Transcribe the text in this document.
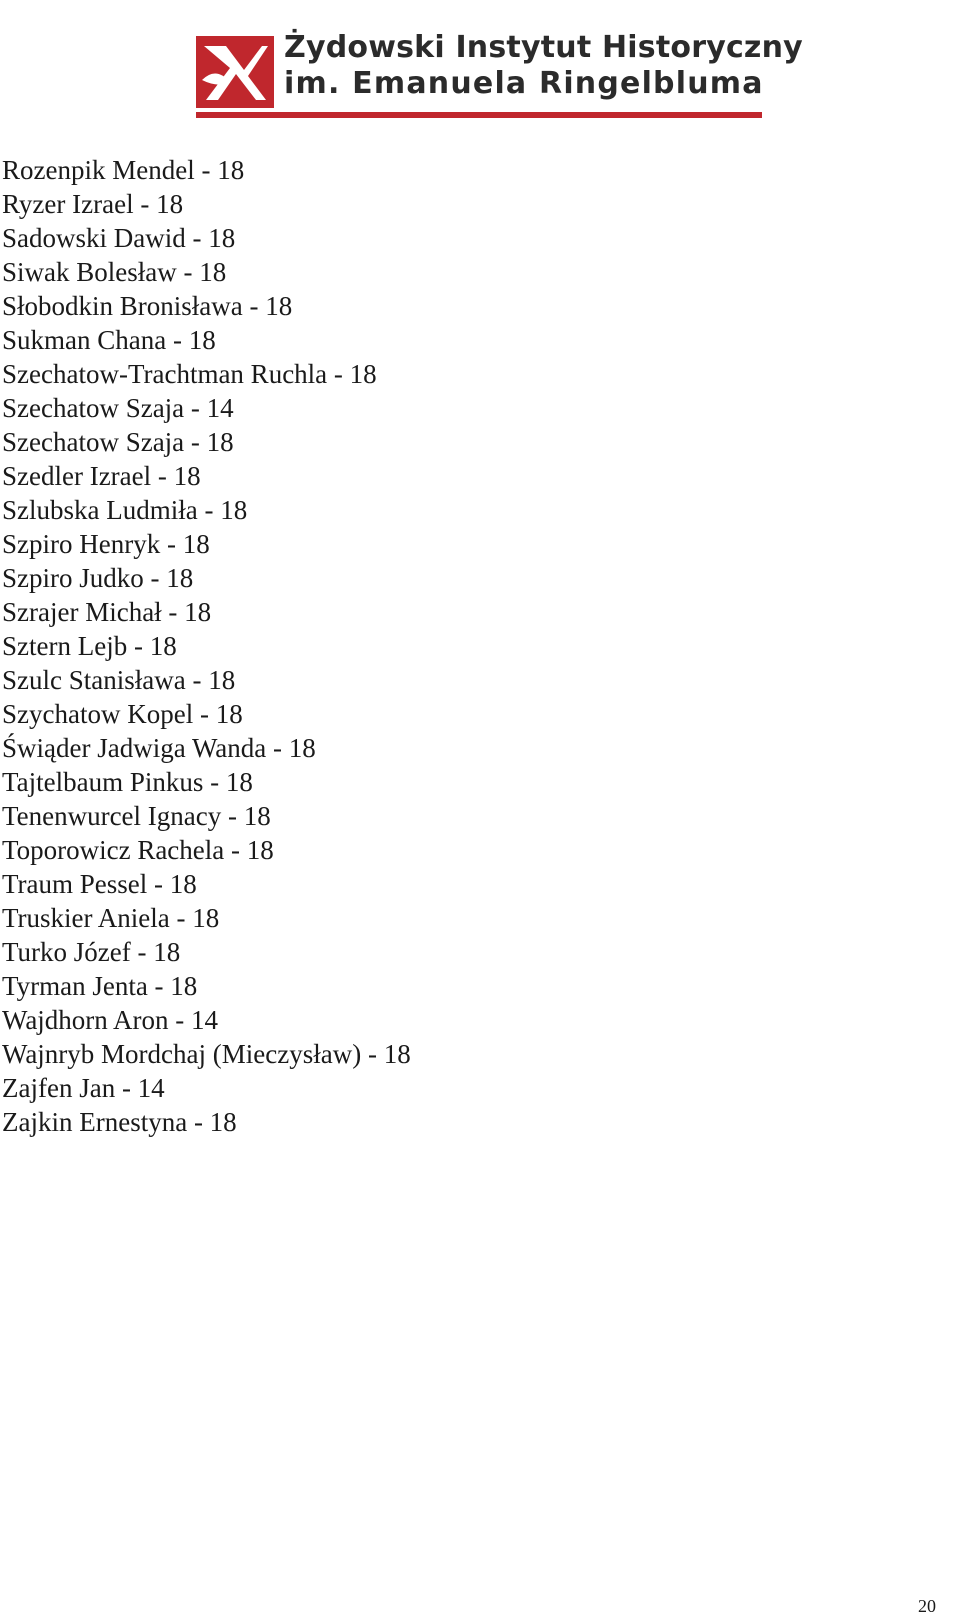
Żydowski Instytut Historyczny
im. Emanuela Ringelbluma
Rozenpik Mendel - 18
Ryzer Izrael - 18
Sadowski Dawid - 18
Siwak Bolesław - 18
Słobodkin Bronisława - 18
Sukman Chana - 18
Szechatow-Trachtman Ruchla - 18
Szechatow Szaja - 14
Szechatow Szaja - 18
Szedler Izrael - 18
Szlubska Ludmiła - 18
Szpiro Henryk - 18
Szpiro Judko - 18
Szrajer Michał - 18
Sztern Lejb - 18
Szulc Stanisława - 18
Szychatow Kopel - 18
Świąder Jadwiga Wanda - 18
Tajtelbaum Pinkus - 18
Tenenwurcel Ignacy - 18
Toporowicz Rachela - 18
Traum Pessel - 18
Truskier Aniela - 18
Turko Józef - 18
Tyrman Jenta - 18
Wajdhorn Aron - 14
Wajnryb Mordchaj (Mieczysław) - 18
Zajfen Jan - 14
Zajkin Ernestyna - 18
20
